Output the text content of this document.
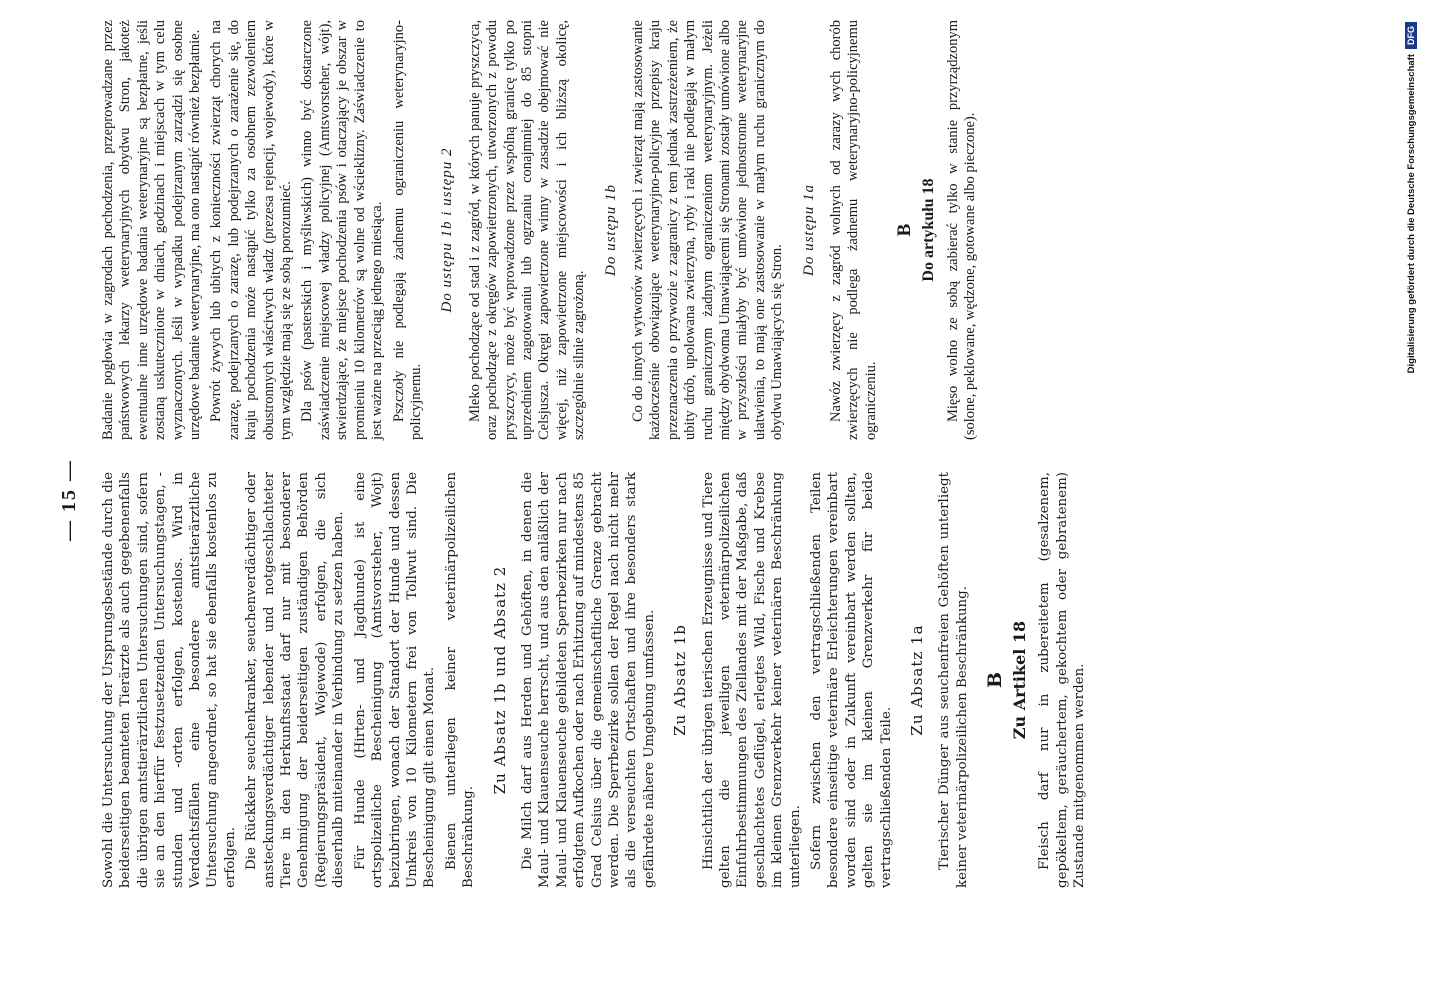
— 15 — Sowohl die Untersuchung der Ursprungsbestände durch die beiderseitigen beamteten Tierärzte als auch gegebenenfalls die übrigen amtstierärztlichen Untersuchungen sind, sofern sie an den hierfür festzusetzenden Untersuchungstagen, -stunden und -orten erfolgen, kostenlos. Wird in Verdachtsfällen eine besondere amtstierärztliche Untersuchung angeordnet, so hat sie ebenfalls kostenlos zu erfolgen. Die Rückkehr seuchenkranker, seuchenverdächtiger oder ansteckungsverdächtiger lebender und notgeschlachteter Tiere in den Herkunftsstaat darf nur mit besonderer Genehmigung der beiderseitigen zuständigen Behörden (Regierungspräsident, Wojewode) erfolgen, die sich dieserhalb miteinander in Verbindung zu setzen haben. Für Hunde (Hirten- und Jagdhunde) ist eine ortspolizeiliche Bescheinigung (Amtsvorsteher, Wojt) beizubringen, wonach der Standort der Hunde und dessen Umkreis von 10 Kilometern frei von Tollwut sind. Die Bescheinigung gilt einen Monat. Bienen unterliegen keiner veterinärpolizeilichen Beschränkung.

Zu Absatz 1b und Absatz 2 Die Milch darf aus Herden und Gehöften, in denen die Maul- und Klauenseuche herrscht, und aus den anläßlich der Maul- und Klauenseuche gebildeten Sperrbezirken nur nach erfolgtem Aufkochen oder nach Erhitzung auf mindestens 85 Grad Celsius über die gemeinschaftliche Grenze gebracht werden. Die Sperrbezirke sollen der Regel nach nicht mehr als die verseuchten Ortschaften und ihre besonders stark gefährdete nähere Umgebung umfassen. Zu Absatz 1b Hinsichtlich der übrigen tierischen Erzeugnisse und Tiere gelten die jeweiligen veterinärpolizeilichen Einfuhrbestimmungen des Ziellandes mit der Maßgabe, daß geschlachtetes Geflügel, erlegtes Wild, Fische und Krebse im kleinen Grenzverkehr keiner veterinären Beschränkung unterliegen. Sofern zwischen den vertragschließenden Teilen besondere einseitige veterinäre Erleichterungen vereinbart worden sind oder in Zukunft vereinbart werden sollten, gelten sie im kleinen Grenzverkehr für beide vertragschließenden Teile.

Zu Absatz 1a Tierischer Dünger aus seuchenfreien Gehöften unterliegt keiner veterinärpolizeilichen Beschränkung. B Zu Artikel 18 Fleisch darf nur in zubereitetem (gesalzenem, gepökeltem, geräuchertem, gekochtem oder gebratenem) Zustande mitgenommen werden.

Badanie pogłowia w zagrodach pochodzenia, przeprowadzane przez państwowych lekarzy weterynaryjnych obydwu Stron, jakoteż ewentualne inne urzędowe badania weterynaryjne są bezpłatne, jeśli zostaną uskutecznione w dniach, godzinach i miejscach w tym celu wyznaczonych. Jeśli w wypadku podejrzanym zarządzi się osobne urzędowe badanie weterynaryjne, ma ono nastąpić również bezpłatnie. Powrót żywych lub ubitych z konieczności zwierząt chorych na zarazę, podejrzanych o zarazę, lub podejrzanych o zarażenie się, do kraju pochodzenia może nastąpić tylko za osobnem zezwoleniem obustronnych właściwych władz (prezesa rejencji, wojewody), które w tym względzie mają się ze sobą porozumieć. Dla psów (pasterskich i myśliwskich) winno być dostarczone zaświadczenie miejscowej władzy policyjnej (Amtsvorsteher, wójt), stwierdzające, że miejsce pochodzenia psów i otaczający je obszar w promieniu 10 kilometrów są wolne od wścieklizny. Zaświadczenie to jest ważne na przeciąg jednego miesiąca. Pszczoły nie podlegają żadnemu ograniczeniu weterynaryjno-policyjnemu.

Do ustępu 1b i ustępu 2 Mleko pochodzące od stad i z zagród, w których panuje pryszczyca, oraz pochodzące z okręgów zapowietrzonych, utworzonych z powodu pryszczycy, może być wprowadzone przez wspólną granicę tylko po uprzedniem zagotowaniu lub ogrzaniu conajmniej do 85 stopni Celsjusza. Okręgi zapowietrzone winny w zasadzie obejmować nie więcej, niż zapowietrzone miejscowości i ich bliższą okolicę, szczególnie silnie zagrożoną.

Do ustępu 1b Co do innych wytworów zwierzęcych i zwierząt mają zastosowanie każdocześnie obowiązujące weterynaryjno-policyjne przepisy kraju przeznaczenia o przywozie z zagranicy z tem jednak zastrzeżeniem, że ubity drób, upolowana zwierzyna, ryby i raki nie podlegają w małym ruchu granicznym żadnym ograniczeniom weterynaryjnym. Jeżeli między obydwoma Umawiającemi się Stronami zostały umówione albo w przyszłości miałyby być umówione jednostronne weterynaryjne ułatwienia, to mają one zastosowanie w małym ruchu granicznym do obydwu Umawiających się Stron.

Do ustępu 1a Nawóz zwierzęcy z zagród wolnych od zarazy wych chorób zwierzęcych nie podlega żadnemu weterynaryjno-policyjnemu ograniczeniu.

B Do artykułu 18 Mięso wolno ze sobą zabierać tylko w stanie przyrządzonym (solone, peklowane, wędzone, gotowane albo pieczone).	Digitalisierung gefördert durch die Deutsche Forschungsgemeinschaft
DFG
